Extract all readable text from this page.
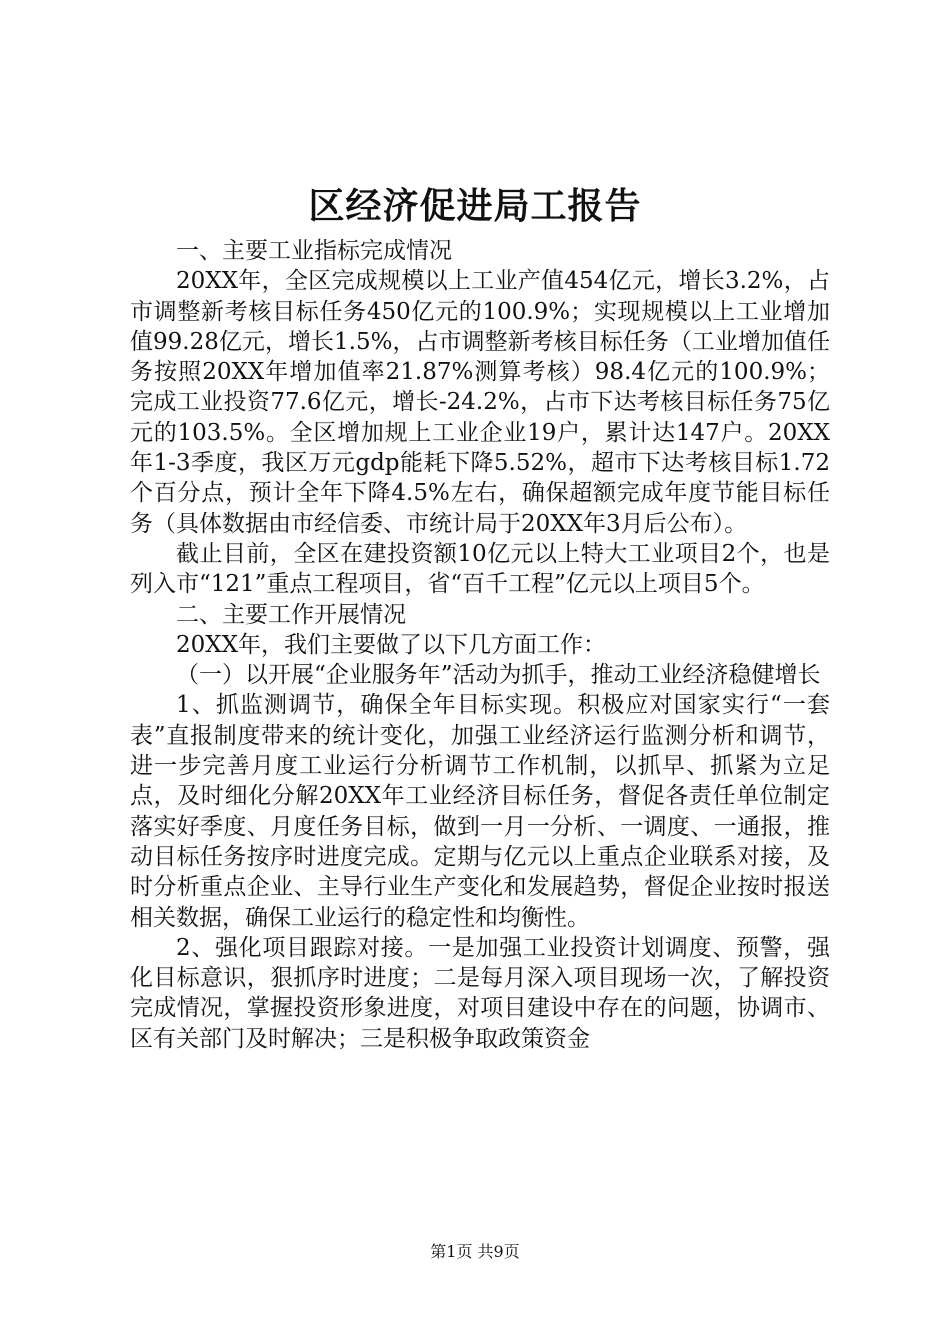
区经济促进局工报告

一、主要工业指标完成情况

20XX年，全区完成规模以上工业产值454亿元，增长3.2%，占市调整新考核目标任务450亿元的100.9%；实现规模以上工业增加值99.28亿元，增长1.5%，占市调整新考核目标任务（工业增加值任务按照20XX年增加值率21.87%测算考核）98.4亿元的100.9%；完成工业投资77.6亿元，增长-24.2%，占市下达考核目标任务75亿元的103.5%。全区增加规上工业企业19户，累计达147户。20XX年1-3季度，我区万元gdp能耗下降5.52%，超市下达考核目标1.72个百分点，预计全年下降4.5%左右，确保超额完成年度节能目标任务（具体数据由市经信委、市统计局于20XX年3月后公布）。

截止目前，全区在建投资额10亿元以上特大工业项目2个，也是列入市“121”重点工程项目，省“百千工程”亿元以上项目5个。

二、主要工作开展情况

20XX年，我们主要做了以下几方面工作：

（一）以开展“企业服务年”活动为抓手，推动工业经济稳健增长

1、抓监测调节，确保全年目标实现。积极应对国家实行“一套表”直报制度带来的统计变化，加强工业经济运行监测分析和调节，进一步完善月度工业运行分析调节工作机制，以抓早、抓紧为立足点，及时细化分解20XX年工业经济目标任务，督促各责任单位制定落实好季度、月度任务目标，做到一月一分析、一调度、一通报，推动目标任务按序时进度完成。定期与亿元以上重点企业联系对接，及时分析重点企业、主导行业生产变化和发展趋势，督促企业按时报送相关数据，确保工业运行的稳定性和均衡性。

2、强化项目跟踪对接。一是加强工业投资计划调度、预警，强化目标意识，狠抓序时进度；二是每月深入项目现场一次，了解投资完成情况，掌握投资形象进度，对项目建设中存在的问题，协调市、区有关部门及时解决；三是积极争取政策资金

第1页 共9页
